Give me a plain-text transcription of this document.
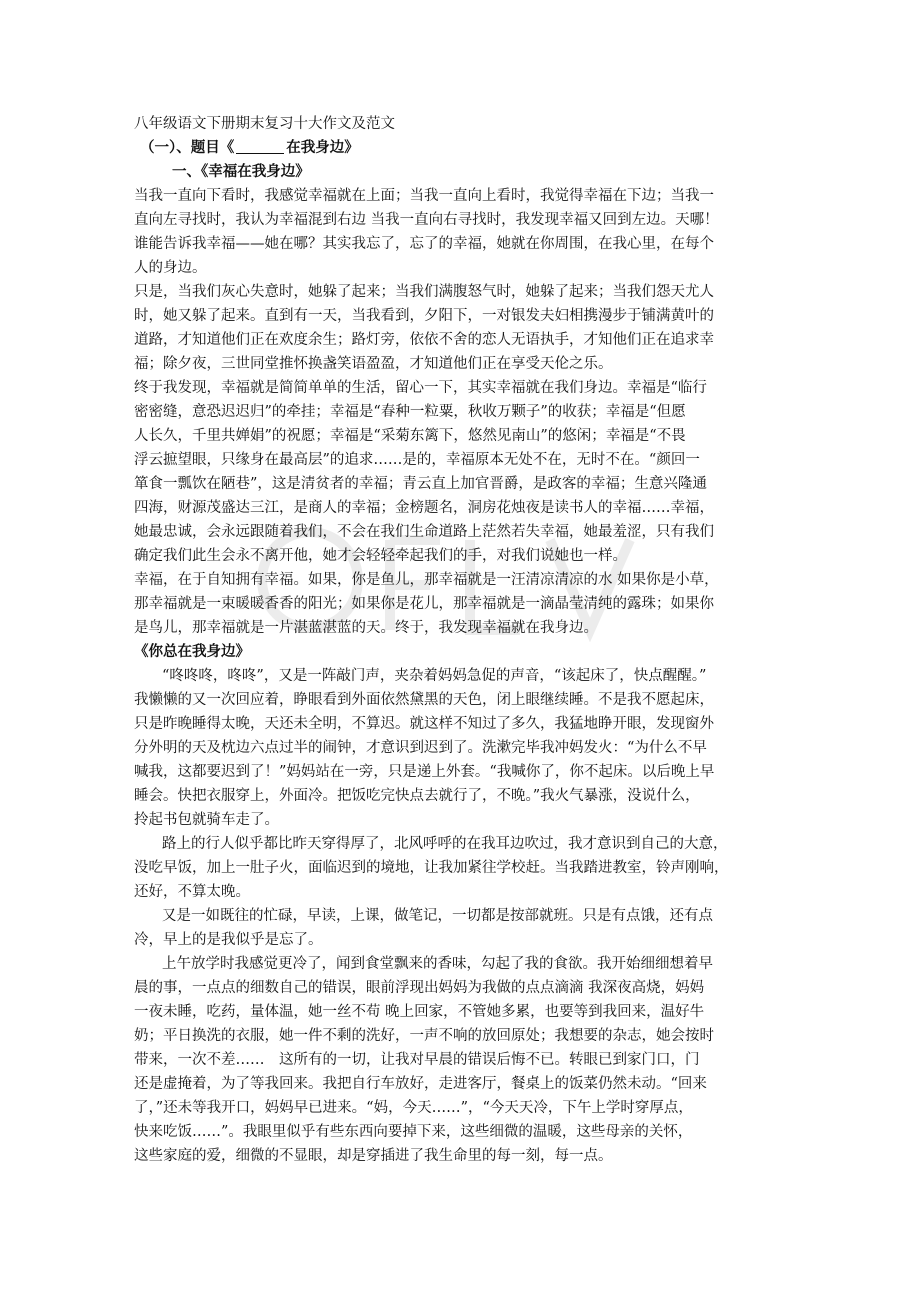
八年级语文下册期末复习十大作文及范文
（一）、题目《	在我身边》
一、《幸福在我身边》
当我一直向下看时，我感觉幸福就在上面；当我一直向上看时，我觉得幸福在下边；当我一
直向左寻找时，我认为幸福混到右边 当我一直向右寻找时，我发现幸福又回到左边。天哪！
谁能告诉我幸福——她在哪？其实我忘了，忘了的幸福，她就在你周围，在我心里，在每个
人的身边。
只是，当我们灰心失意时，她躲了起来；当我们满腹怒气时，她躲了起来；当我们怨天尤人
时，她又躲了起来。直到有一天，当我看到，夕阳下，一对银发夫妇相携漫步于铺满黄叶的
道路，才知道他们正在欢度余生；路灯旁，依依不舍的恋人无语执手，才知他们正在追求幸
福；除夕夜，三世同堂推怀换盏笑语盈盈，才知道他们正在享受天伦之乐。
终于我发现，幸福就是简简单单的生活，留心一下，其实幸福就在我们身边。幸福是“临行
密密缝，意恐迟迟归”的牵挂；幸福是“春种一粒粟，秋收万颗子”的收获；幸福是“但愿
人长久，千里共婵娟”的祝愿；幸福是“采菊东篱下，悠然见南山”的悠闲；幸福是“不畏
浮云摭望眼，只缘身在最高层”的追求……是的，幸福原本无处不在，无时不在。“颜回一
箪食一瓢饮在陋巷”，这是清贫者的幸福；青云直上加官晋爵，是政客的幸福；生意兴隆通
四海，财源茂盛达三江，是商人的幸福；金榜题名，洞房花烛夜是读书人的幸福……幸福，
她最忠诚，会永远跟随着我们，不会在我们生命道路上茫然若失幸福，她最羞涩，只有我们
确定我们此生会永不离开他，她才会轻轻牵起我们的手，对我们说她也一样。
幸福，在于自知拥有幸福。如果，你是鱼儿，那幸福就是一汪清凉清凉的水 如果你是小草，
那幸福就是一束暖暖香香的阳光；如果你是花儿，那幸福就是一滴晶莹清纯的露珠；如果你
是鸟儿，那幸福就是一片湛蓝湛蓝的天。终于，我发现幸福就在我身边。
《你总在我身边》
“咚咚咚，咚咚”，又是一阵敲门声，夹杂着妈妈急促的声音，“该起床了，快点醒醒。”
我懒懒的又一次回应着，睁眼看到外面依然黛黑的天色，闭上眼继续睡。不是我不愿起床，
只是昨晚睡得太晚，天还未全明，不算迟。就这样不知过了多久，我猛地睁开眼，发现窗外
分外明的天及枕边六点过半的闹钟，才意识到迟到了。洗漱完毕我冲妈发火：“为什么不早
喊我，这都要迟到了！”妈妈站在一旁，只是递上外套。“我喊你了，你不起床。以后晚上早
睡会。快把衣服穿上，外面冷。把饭吃完快点去就行了，不晚。”我火气暴涨，没说什么，
拎起书包就骑车走了。
路上的行人似乎都比昨天穿得厚了，北风呼呼的在我耳边吹过，我才意识到自己的大意，
没吃早饭，加上一肚子火，面临迟到的境地，让我加紧往学校赶。当我踏进教室，铃声刚响，
还好，不算太晚。
又是一如既往的忙碌，早读，上课，做笔记，一切都是按部就班。只是有点饿，还有点
冷，早上的是我似乎是忘了。
上午放学时我感觉更冷了，闻到食堂飘来的香味，勾起了我的食欲。我开始细细想着早
晨的事，一点点的细数自己的错误，眼前浮现出妈妈为我做的点点滴滴 我深夜高烧，妈妈
一夜未睡，吃药，量体温，她一丝不苟 晚上回家，不管她多累，也要等到我回来，温好牛
奶；平日换洗的衣服，她一件不剩的洗好，一声不响的放回原处；我想要的杂志，她会按时
带来，一次不差……　这所有的一切，让我对早晨的错误后悔不已。转眼已到家门口，门
还是虚掩着，为了等我回来。我把自行车放好，走进客厅，餐桌上的饭菜仍然未动。“回来
了，”还未等我开口，妈妈早已进来。“妈，今天……”，“今天天冷，下午上学时穿厚点，
快来吃饭……”。我眼里似乎有些东西向要掉下来，这些细微的温暖，这些母亲的关怀，
这些家庭的爱，细微的不显眼，却是穿插进了我生命里的每一刻，每一点。
